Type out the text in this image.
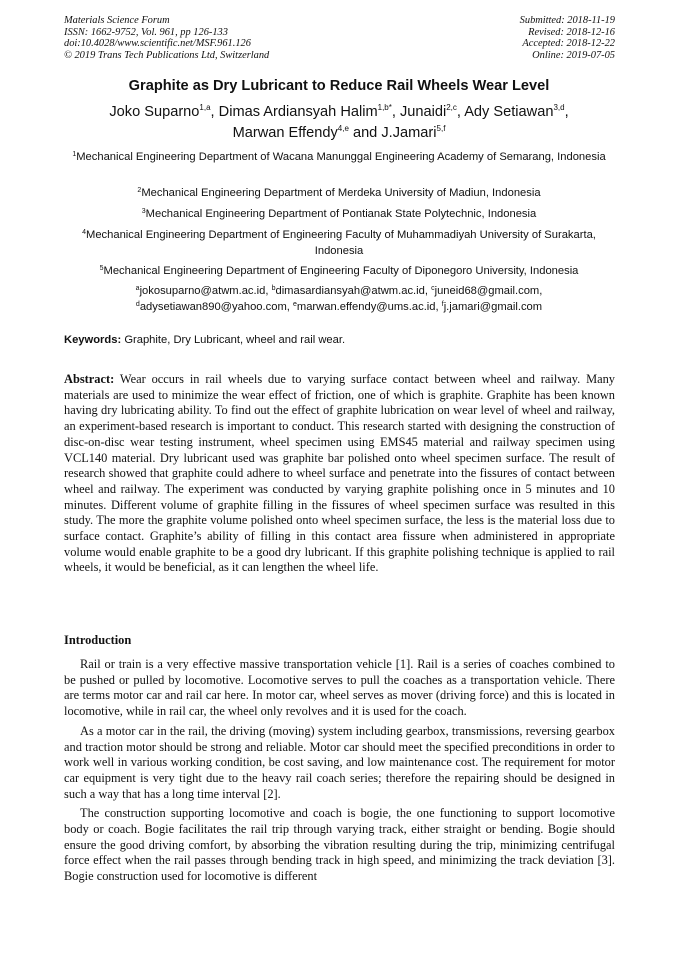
Materials Science Forum
ISSN: 1662-9752, Vol. 961, pp 126-133
doi:10.4028/www.scientific.net/MSF.961.126
© 2019 Trans Tech Publications Ltd, Switzerland
Submitted: 2018-11-19
Revised: 2018-12-16
Accepted: 2018-12-22
Online: 2019-07-05
Graphite as Dry Lubricant to Reduce Rail Wheels Wear Level
Joko Suparno$^{1,a}$, Dimas Ardiansyah Halim$^{1,b*}$, Junaidi$^{2,c}$, Ady Setiawan$^{3,d}$,
Marwan Effendy$^{4,e}$ and J.Jamari$^{5,f}$
$^1$Mechanical Engineering Department of Wacana Manunggal Engineering Academy of Semarang, Indonesia
$^2$Mechanical Engineering Department of Merdeka University of Madiun, Indonesia
$^3$Mechanical Engineering Department of Pontianak State Polytechnic, Indonesia
$^4$Mechanical Engineering Department of Engineering Faculty of Muhammadiyah University of Surakarta, Indonesia
$^5$Mechanical Engineering Department of Engineering Faculty of Diponegoro University, Indonesia
$^a$jokosuparno@atwm.ac.id, $^b$dimasardiansyah@atwm.ac.id, $^c$juneid68@gmail.com,
$^d$adysetiawan890@yahoo.com, $^e$marwan.effendy@ums.ac.id, $^f$j.jamari@gmail.com
Keywords: Graphite, Dry Lubricant, wheel and rail wear.
Abstract: Wear occurs in rail wheels due to varying surface contact between wheel and railway. Many materials are used to minimize the wear effect of friction, one of which is graphite. Graphite has been known having dry lubricating ability. To find out the effect of graphite lubrication on wear level of wheel and railway, an experiment-based research is important to conduct. This research started with designing the construction of disc-on-disc wear testing instrument, wheel specimen using EMS45 material and railway specimen using VCL140 material. Dry lubricant used was graphite bar polished onto wheel specimen surface. The result of research showed that graphite could adhere to wheel surface and penetrate into the fissures of contact between wheel and railway. The experiment was conducted by varying graphite polishing once in 5 minutes and 10 minutes. Different volume of graphite filling in the fissures of wheel specimen surface was resulted in this study. The more the graphite volume polished onto wheel specimen surface, the less is the material loss due to surface contact. Graphite’s ability of filling in this contact area fissure when administered in appropriate volume would enable graphite to be a good dry lubricant. If this graphite polishing technique is applied to rail wheels, it would be beneficial, as it can lengthen the wheel life.
Introduction

Rail or train is a very effective massive transportation vehicle [1]. Rail is a series of coaches combined to be pushed or pulled by locomotive. Locomotive serves to pull the coaches as a transportation vehicle. There are terms motor car and rail car here. In motor car, wheel serves as mover (driving force) and this is located in locomotive, while in rail car, the wheel only revolves and it is used for the coach.

As a motor car in the rail, the driving (moving) system including gearbox, transmissions, reversing gearbox and traction motor should be strong and reliable. Motor car should meet the specified preconditions in order to work well in various working condition, be cost saving, and low maintenance cost. The requirement for motor car equipment is very tight due to the heavy rail coach series; therefore the repairing should be designed in such a way that has a long time interval [2].

The construction supporting locomotive and coach is bogie, the one functioning to support locomotive body or coach. Bogie facilitates the rail trip through varying track, either straight or bending. Bogie should ensure the good driving comfort, by absorbing the vibration resulting during the trip, minimizing centrifugal force effect when the rail passes through bending track in high speed, and minimizing the track deviation [3]. Bogie construction used for locomotive is different
